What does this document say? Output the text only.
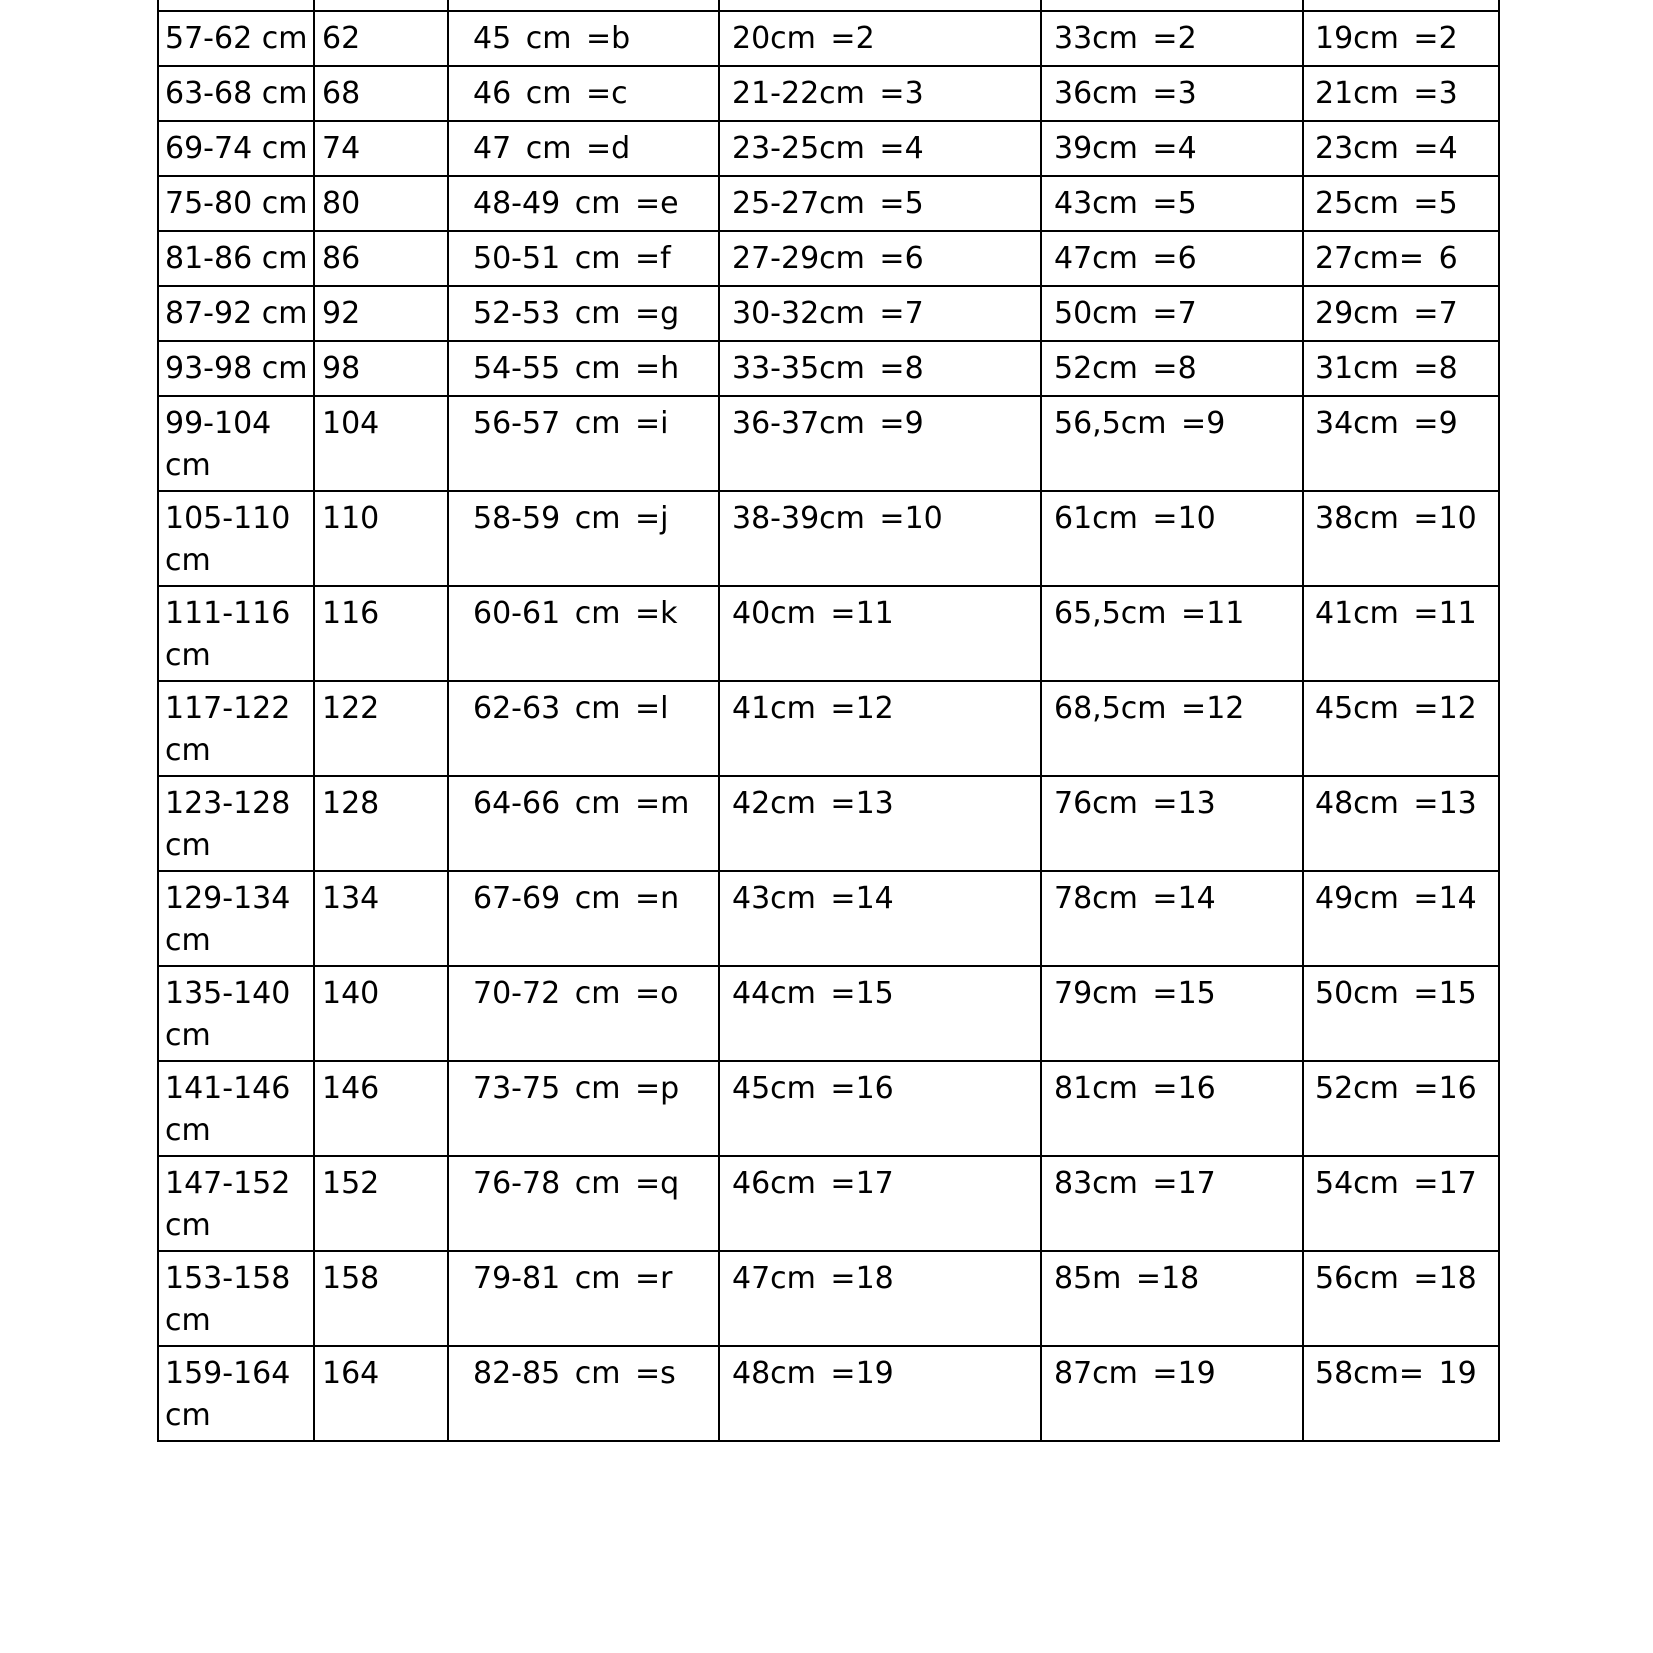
57-62 cm	62	45 cm =b	20cm =2	33cm =2	19cm =2
63-68 cm	68	46 cm =c	21-22cm =3	36cm =3	21cm =3
69-74 cm	74	47 cm =d	23-25cm =4	39cm =4	23cm =4
75-80 cm	80	48-49 cm =e	25-27cm =5	43cm =5	25cm =5
81-86 cm	86	50-51 cm =f	27-29cm =6	47cm =6	27cm= 6
87-92 cm	92	52-53 cm =g	30-32cm =7	50cm =7	29cm =7
93-98 cm	98	54-55 cm =h	33-35cm =8	52cm =8	31cm =8
99-104 cm	104	56-57 cm =i	36-37cm =9	56,5cm =9	34cm =9
105-110 cm	110	58-59 cm =j	38-39cm =10	61cm =10	38cm =10
111-116 cm	116	60-61 cm =k	40cm =11	65,5cm =11	41cm =11
117-122 cm	122	62-63 cm =l	41cm =12	68,5cm =12	45cm =12
123-128 cm	128	64-66 cm =m	42cm =13	76cm =13	48cm =13
129-134 cm	134	67-69 cm =n	43cm =14	78cm =14	49cm =14
135-140 cm	140	70-72 cm =o	44cm =15	79cm =15	50cm =15
141-146 cm	146	73-75 cm =p	45cm =16	81cm =16	52cm =16
147-152 cm	152	76-78 cm =q	46cm =17	83cm =17	54cm =17
153-158 cm	158	79-81 cm =r	47cm =18	85m =18	56cm =18
159-164 cm	164	82-85 cm =s	48cm =19	87cm =19	58cm= 19
